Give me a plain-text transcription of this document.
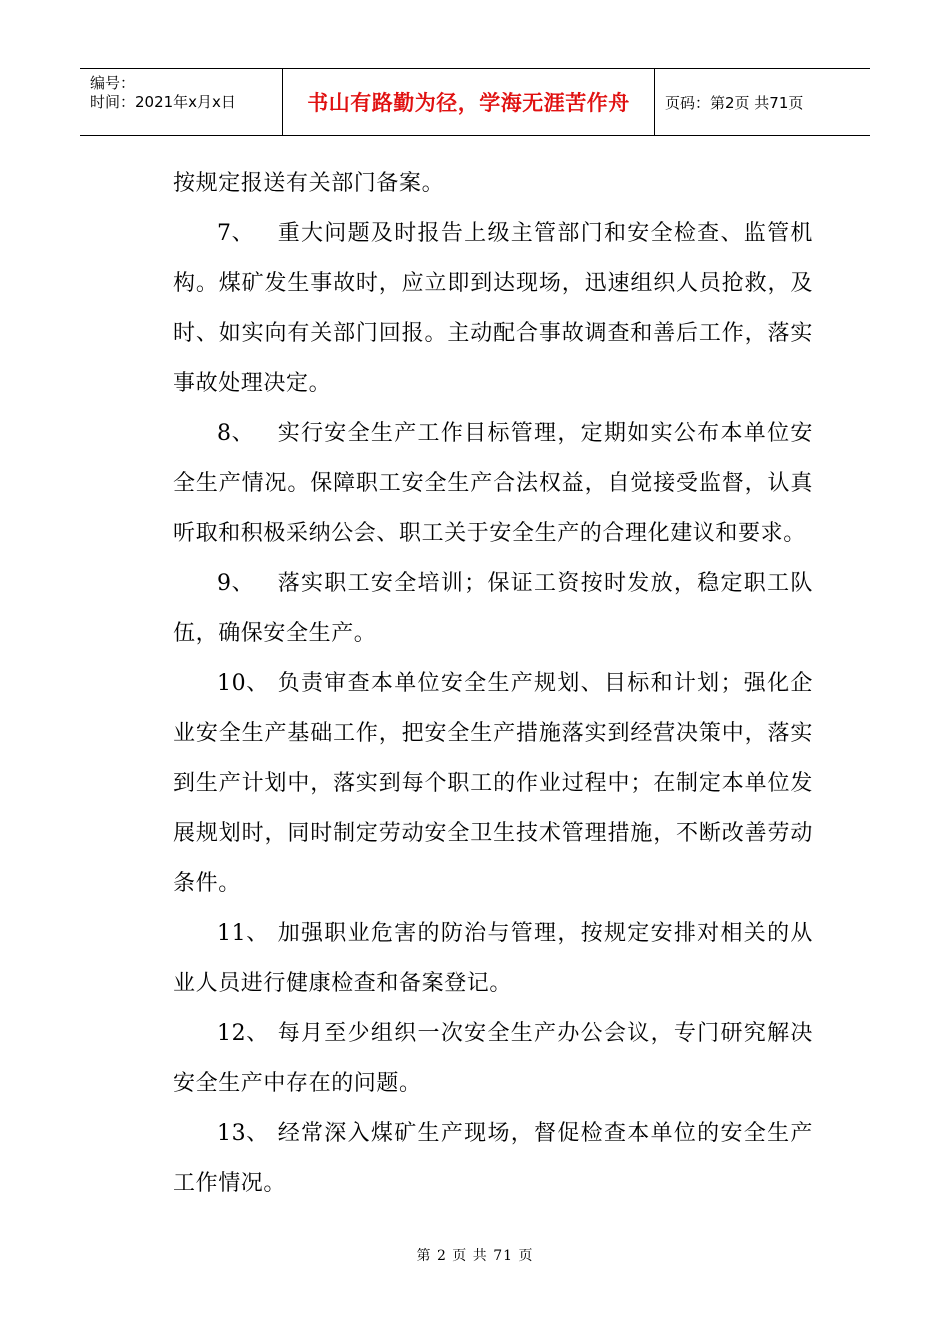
编号：
时间：2021年x月x日	书山有路勤为径，学海无涯苦作舟 页码：第2页 共71页

按规定报送有关部门备案。

7、 重大问题及时报告上级主管部门和安全检查、监管机构。煤矿发生事故时，应立即到达现场，迅速组织人员抢救，及时、如实向有关部门回报。主动配合事故调查和善后工作，落实事故处理决定。

8、 实行安全生产工作目标管理，定期如实公布本单位安全生产情况。保障职工安全生产合法权益，自觉接受监督，认真听取和积极采纳公会、职工关于安全生产的合理化建议和要求。

9、 落实职工安全培训；保证工资按时发放，稳定职工队伍，确保安全生产。

10、 负责审查本单位安全生产规划、目标和计划；强化企业安全生产基础工作，把安全生产措施落实到经营决策中，落实到生产计划中，落实到每个职工的作业过程中；在制定本单位发展规划时，同时制定劳动安全卫生技术管理措施，不断改善劳动条件。

11、 加强职业危害的防治与管理，按规定安排对相关的从业人员进行健康检查和备案登记。

12、 每月至少组织一次安全生产办公会议，专门研究解决安全生产中存在的问题。

13、 经常深入煤矿生产现场，督促检查本单位的安全生产工作情况。

第 2 页 共 71 页
